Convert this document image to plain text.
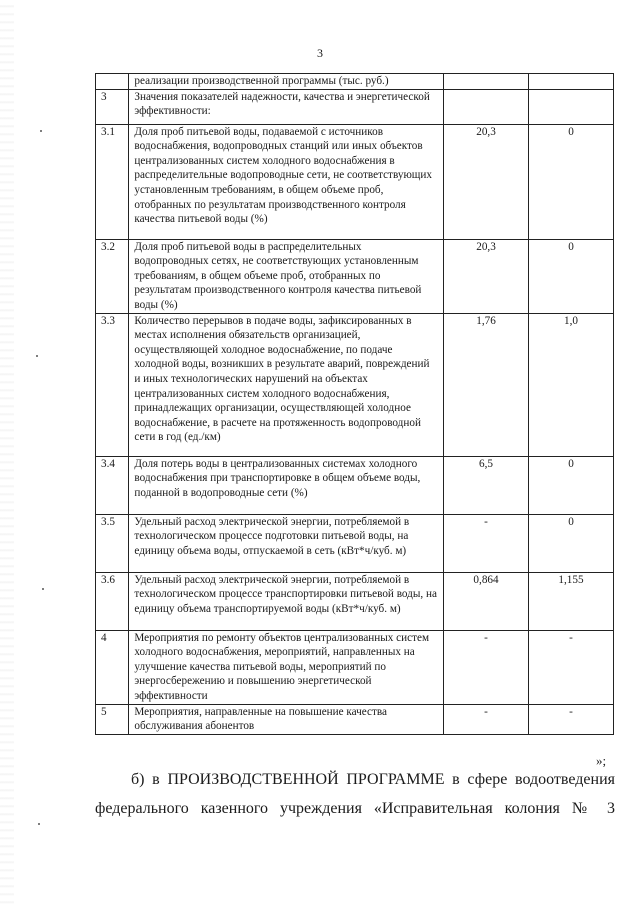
3
	реализации производственной программы (тыс. руб.)		
3	Значения показателей надежности, качества и энергетической эффективности:		
3.1	Доля проб питьевой воды, подаваемой с источников водоснабжения, водопроводных станций или иных объектов централизованных систем холодного водоснабжения в распределительные водопроводные сети, не соответствующих установленным требованиям, в общем объеме проб, отобранных по результатам производственного контроля качества питьевой воды (%)	20,3	0
3.2	Доля проб питьевой воды в распределительных водопроводных сетях, не соответствующих установленным требованиям, в общем объеме проб, отобранных по результатам производственного контроля качества питьевой воды (%)	20,3	0
3.3	Количество перерывов в подаче воды, зафиксированных в местах исполнения обязательств организацией, осуществляющей холодное водоснабжение, по подаче холодной воды, возникших в результате аварий, повреждений и иных технологических нарушений на объектах централизованных систем холодного водоснабжения, принадлежащих организации, осуществляющей холодное водоснабжение, в расчете на протяженность водопроводной сети в год (ед./км)	1,76	1,0
3.4	Доля потерь воды в централизованных системах холодного водоснабжения при транспортировке в общем объеме воды, поданной в водопроводные сети (%)	6,5	0
3.5	Удельный расход электрической энергии, потребляемой в технологическом процессе подготовки питьевой воды, на единицу объема воды, отпускаемой в сеть (кВт*ч/куб. м)	-	0
3.6	Удельный расход электрической энергии, потребляемой в технологическом процессе транспортировки питьевой воды, на единицу объема транспортируемой воды (кВт*ч/куб. м)	0,864	1,155
4	Мероприятия по ремонту объектов централизованных систем холодного водоснабжения, мероприятий, направленных на улучшение качества питьевой воды, мероприятий по энергосбережению и повышению энергетической эффективности	-	-
5	Мероприятия, направленные на повышение качества обслуживания абонентов	-	-
»;
б) в ПРОИЗВОДСТВЕННОЙ ПРОГРАММЕ в сфере водоотведения
федерального казенного учреждения «Исправительная колония № 3
